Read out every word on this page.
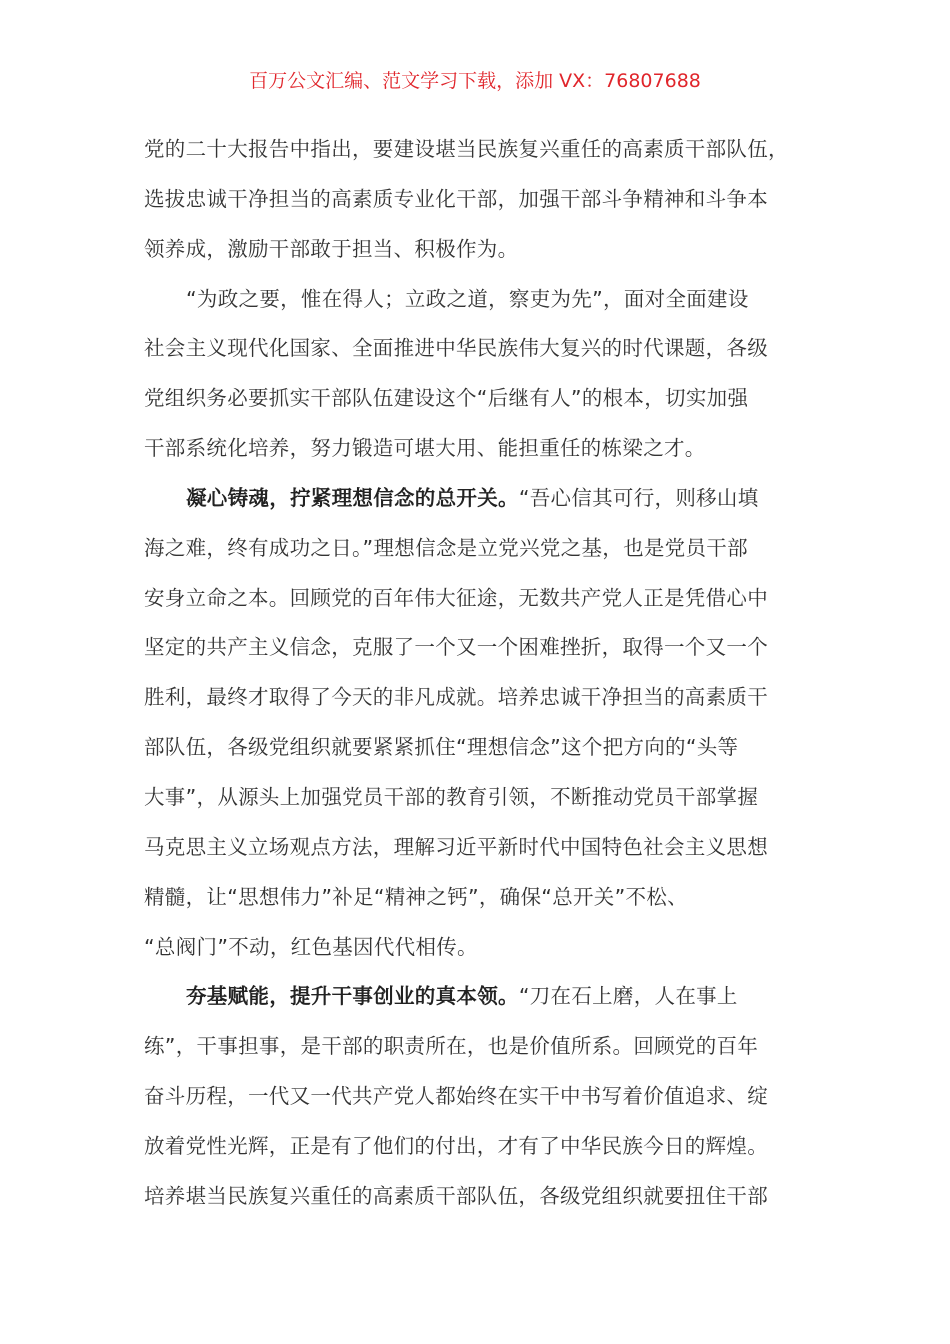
百万公文汇编、范文学习下载，添加 VX：76807688
党的二十大报告中指出，要建设堪当民族复兴重任的高素质干部队伍，
选拔忠诚干净担当的高素质专业化干部，加强干部斗争精神和斗争本
领养成，激励干部敢于担当、积极作为。
“为政之要，惟在得人；立政之道，察吏为先”，面对全面建设
社会主义现代化国家、全面推进中华民族伟大复兴的时代课题，各级
党组织务必要抓实干部队伍建设这个“后继有人”的根本，切实加强
干部系统化培养，努力锻造可堪大用、能担重任的栋梁之才。
凝心铸魂，拧紧理想信念的总开关。“吾心信其可行，则移山填
海之难，终有成功之日。”理想信念是立党兴党之基，也是党员干部
安身立命之本。回顾党的百年伟大征途，无数共产党人正是凭借心中
坚定的共产主义信念，克服了一个又一个困难挫折，取得一个又一个
胜利，最终才取得了今天的非凡成就。培养忠诚干净担当的高素质干
部队伍，各级党组织就要紧紧抓住“理想信念”这个把方向的“头等
大事”，从源头上加强党员干部的教育引领，不断推动党员干部掌握
马克思主义立场观点方法，理解习近平新时代中国特色社会主义思想
精髓，让“思想伟力”补足“精神之钙”，确保“总开关”不松、
“总阀门”不动，红色基因代代相传。
夯基赋能，提升干事创业的真本领。“刀在石上磨，人在事上
练”，干事担事，是干部的职责所在，也是价值所系。回顾党的百年
奋斗历程，一代又一代共产党人都始终在实干中书写着价值追求、绽
放着党性光辉，正是有了他们的付出，才有了中华民族今日的辉煌。
培养堪当民族复兴重任的高素质干部队伍，各级党组织就要扭住干部
